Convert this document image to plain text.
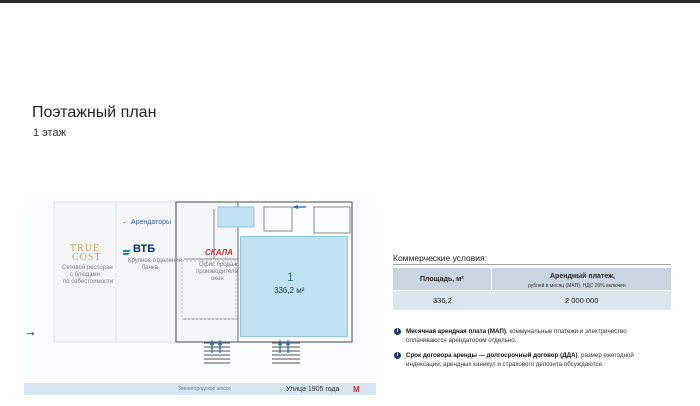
Поэтажный план
1 этаж
→
← Арендаторы
TRUE
COST
Сетевой ресторан
с блюдами
по себестоимости
ВТБ
Крупное отделение
банка
СКАЛА
Офис продаж
производителя
окон	1
336,2 м²
Звенигородское шоссе	Улица 1905 года М
Коммерческие условия:
Площадь, м²	Арендный платеж,
рублей в месяц (МАП), НДС 20% включен
336,2	2 000 000
i	Месячная арендная плата (МАП), коммунальные платежи и электричество
оплачиваются арендатором отдельно.
i	Срок договора аренды — долгосрочный договор (ДДА), размер ежегодной
индексации, арендных каникул и страхового депозита обсуждаются.
